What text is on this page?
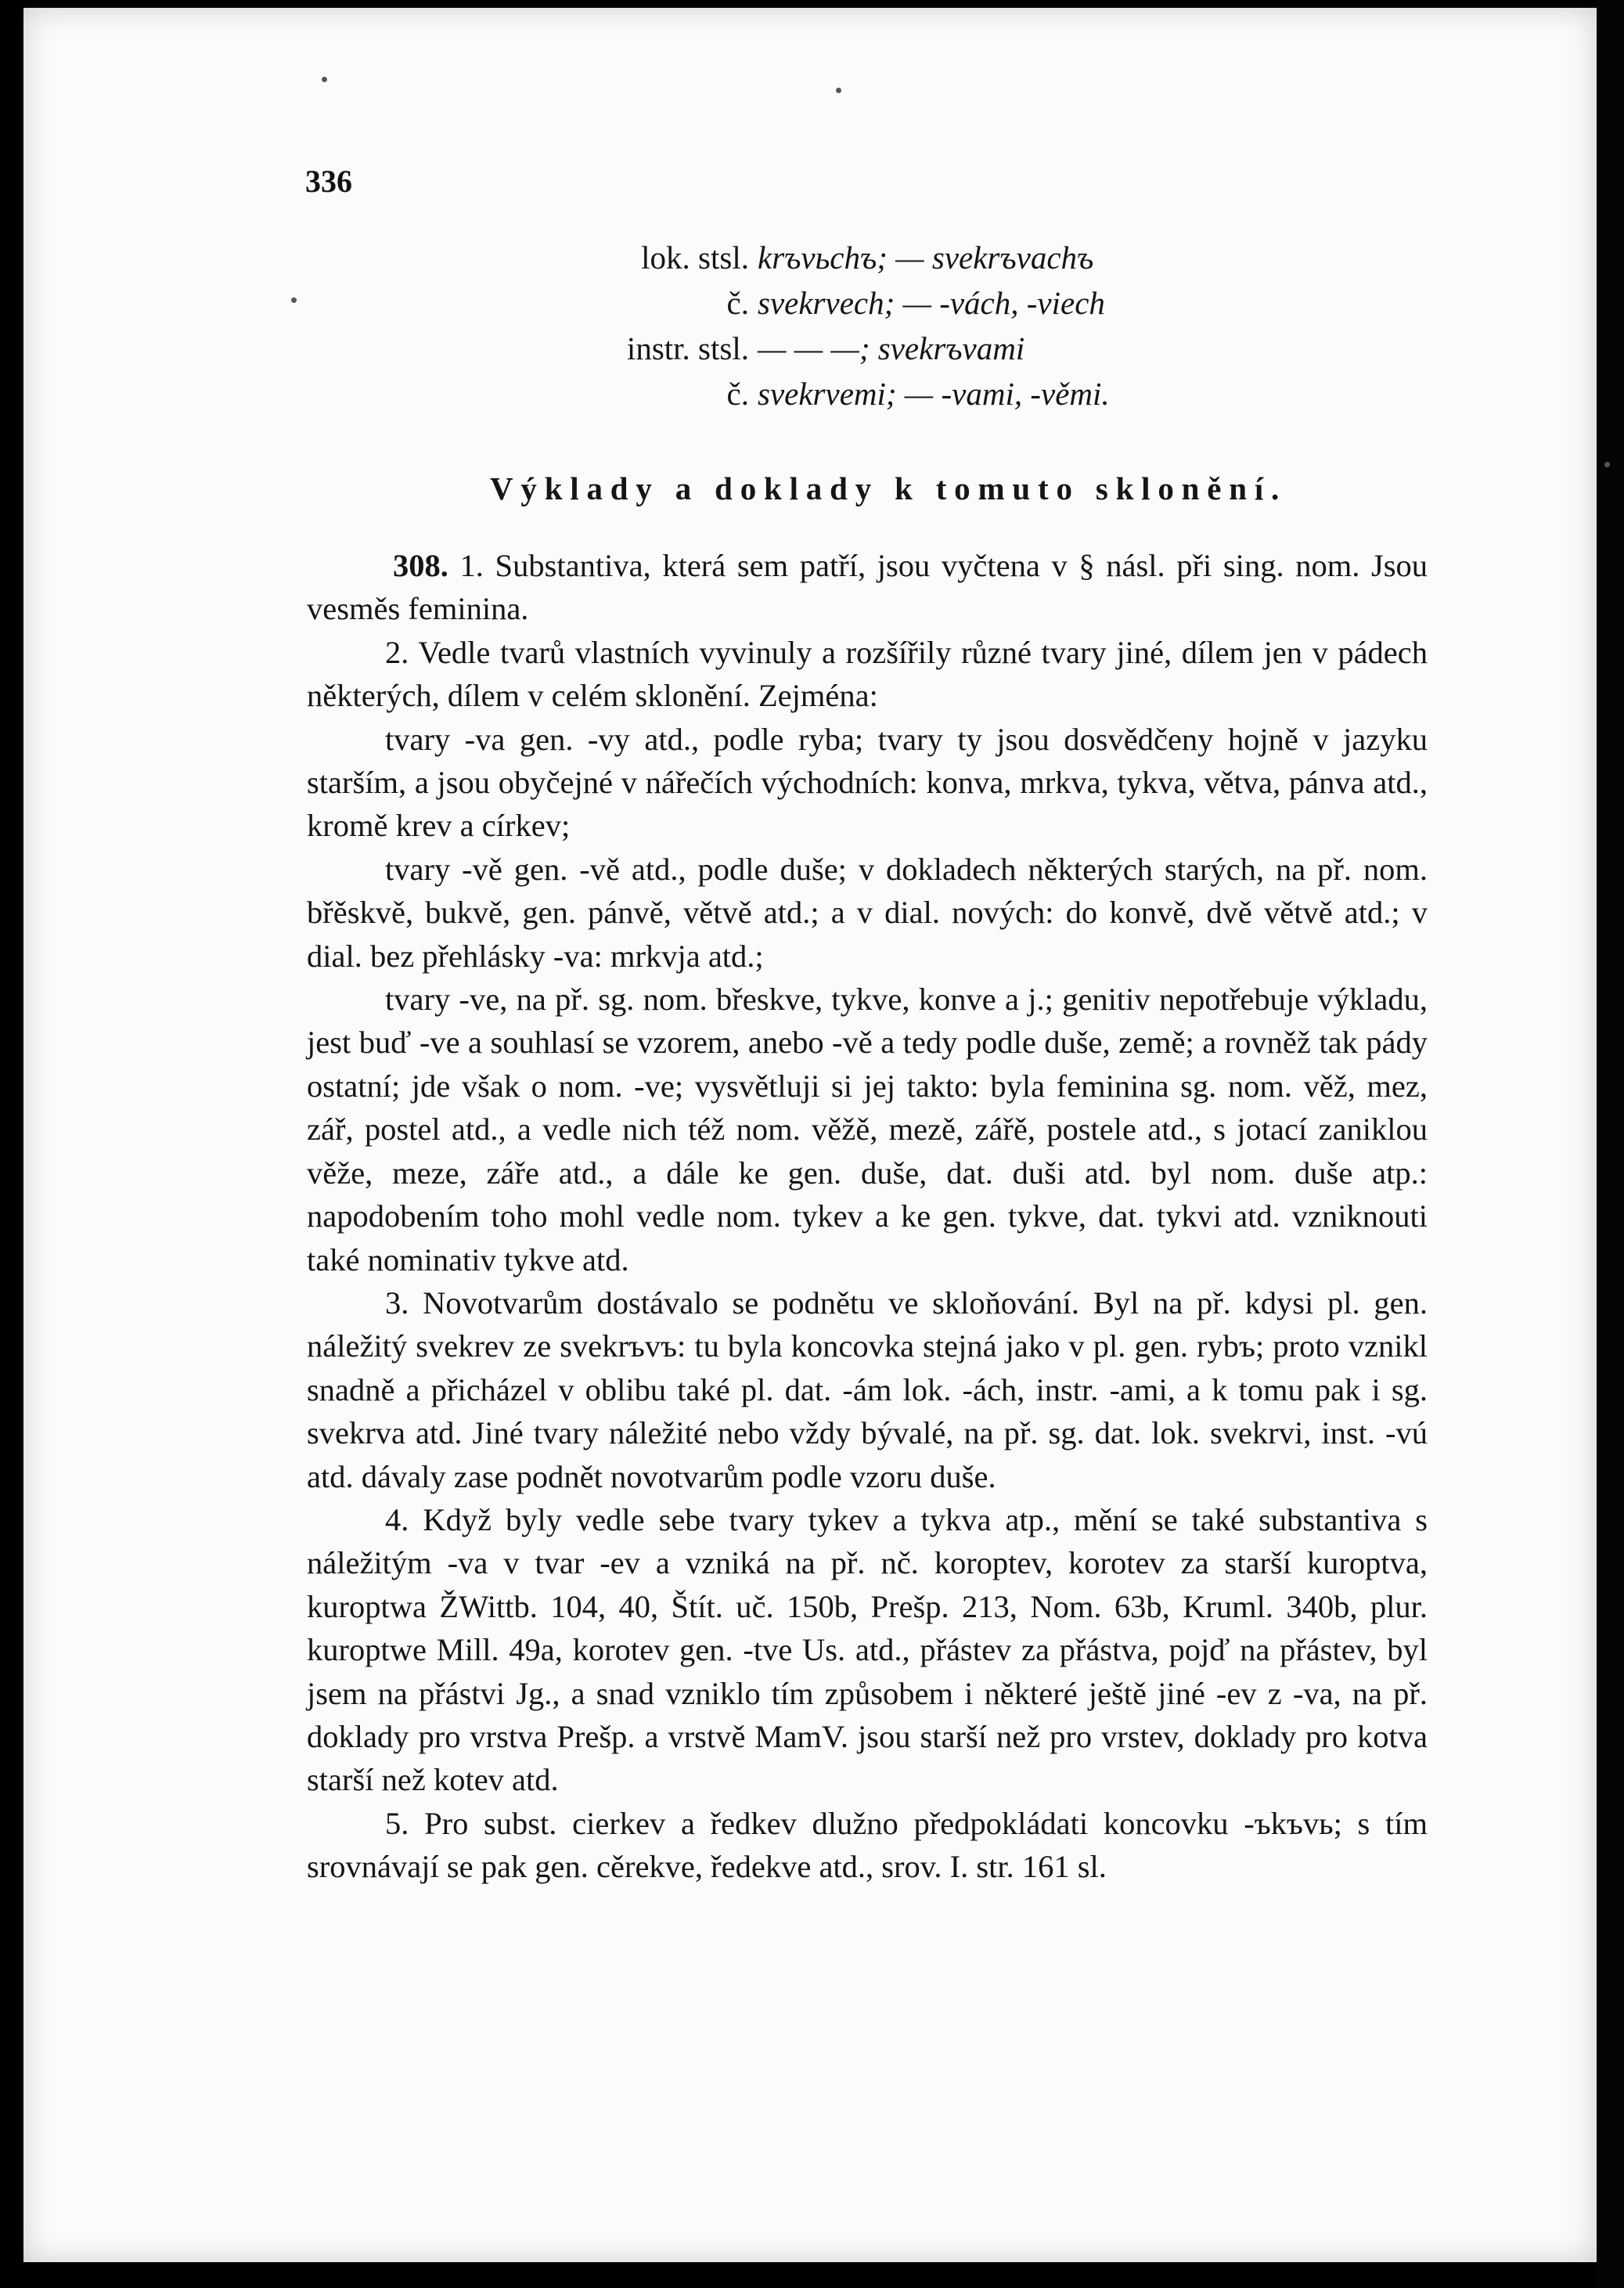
336
lok. stsl. krъvьchъ; — svekrъvachъ
č. svekrvech; — -vách, -viech
instr. stsl. — — —; svekrъvami
č. svekrvemi; — -vami, -věmi.
Výklady a doklady k tomuto sklonění.

308. 1. Substantiva, která sem patří, jsou vyčtena v § násl. při sing. nom. Jsou vesměs feminina.

2. Vedle tvarů vlastních vyvinuly a rozšířily různé tvary jiné, dílem jen v pádech některých, dílem v celém sklonění. Zejména:

tvary -va gen. -vy atd., podle ryba; tvary ty jsou dosvědčeny hojně v jazyku starším, a jsou obyčejné v nářečích východních: konva, mrkva, tykva, větva, pánva atd., kromě krev a církev;

tvary -vě gen. -vě atd., podle duše; v dokladech některých starých, na př. nom. břěskvě, bukvě, gen. pánvě, větvě atd.; a v dial. nových: do konvě, dvě větvě atd.; v dial. bez přehlásky -va: mrkvja atd.;

tvary -ve, na př. sg. nom. břeskve, tykve, konve a j.; genitiv nepotřebuje výkladu, jest buď -ve a souhlasí se vzorem, anebo -vě a tedy podle duše, země; a rovněž tak pády ostatní; jde však o nom. -ve; vysvětluji si jej takto: byla feminina sg. nom. věž, mez, zář, postel atd., a vedle nich též nom. věžě, mezě, zářě, postele atd., s jotací zaniklou věže, meze, záře atd., a dále ke gen. duše, dat. duši atd. byl nom. duše atp.: napodobením toho mohl vedle nom. tykev a ke gen. tykve, dat. tykvi atd. vzniknouti také nominativ tykve atd.

3. Novotvarům dostávalo se podnětu ve skloňování. Byl na př. kdysi pl. gen. náležitý svekrev ze svekrъvъ: tu byla koncovka stejná jako v pl. gen. rybъ; proto vznikl snadně a přicházel v oblibu také pl. dat. -ám lok. -ách, instr. -ami, a k tomu pak i sg. svekrva atd. Jiné tvary náležité nebo vždy bývalé, na př. sg. dat. lok. svekrvi, inst. -vú atd. dávaly zase podnět novotvarům podle vzoru duše.

4. Když byly vedle sebe tvary tykev a tykva atp., mění se také substantiva s náležitým -va v tvar -ev a vzniká na př. nč. koroptev, korotev za starší kuroptva, kuroptwa ŽWittb. 104, 40, Štít. uč. 150b, Prešp. 213, Nom. 63b, Kruml. 340b, plur. kuroptwe Mill. 49a, korotev gen. -tve Us. atd., přástev za přástva, pojď na přástev, byl jsem na přástvi Jg., a snad vzniklo tím způsobem i některé ještě jiné -ev z -va, na př. doklady pro vrstva Prešp. a vrstvě MamV. jsou starší než pro vrstev, doklady pro kotva starší než kotev atd.

5. Pro subst. cierkev a ředkev dlužno předpokládati koncovku -ъkъvь; s tím srovnávají se pak gen. cěrekve, ředekve atd., srov. I. str. 161 sl.
